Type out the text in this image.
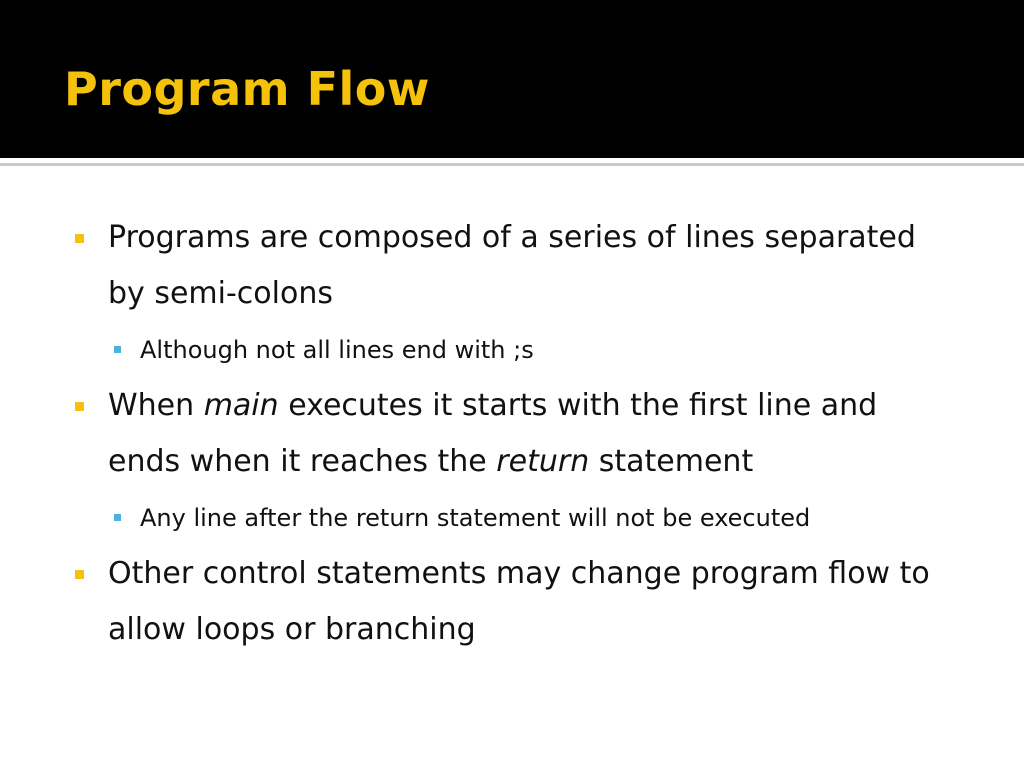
Program Flow
Programs are composed of a series of lines separated by semi-colons
Although not all lines end with ;s
When main executes it starts with the first line and ends when it reaches the return statement
Any line after the return statement will not be executed
Other control statements may change program flow to allow loops or branching
